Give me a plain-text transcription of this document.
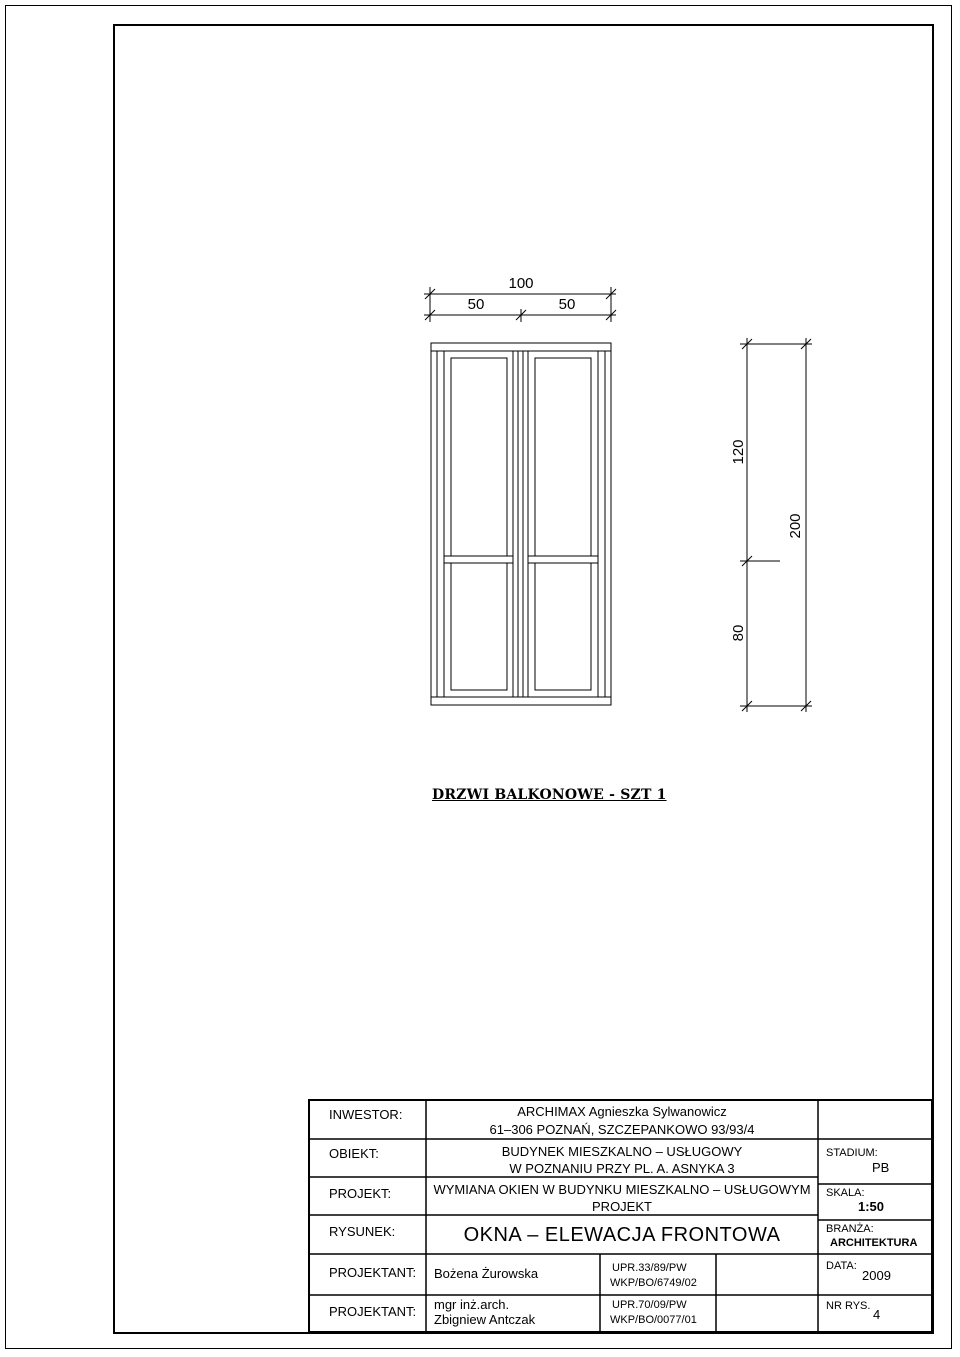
100
50	50
120
200
80
DRZWI BALKONOWE - SZT 1
INWESTOR:
OBIEKT:
PROJEKT:
RYSUNEK:
PROJEKTANT:
PROJEKTANT:
ARCHIMAX Agnieszka Sylwanowicz
61–306 POZNAŃ, SZCZEPANKOWO 93/93/4
BUDYNEK MIESZKALNO – USŁUGOWY
W POZNANIU PRZY PL. A. ASNYKA 3
WYMIANA OKIEN W BUDYNKU MIESZKALNO – USŁUGOWYM
PROJEKT
OKNA – ELEWACJA FRONTOWA
Bożena Żurowska	UPR.33/89/PW
WKP/BO/6749/02
mgr inż.arch.
Zbigniew Antczak
UPR.70/09/PW
WKP/BO/0077/01
STADIUM:
PB
SKALA:
1:50
BRANŻA:
ARCHITEKTURA
DATA:
2009
NR RYS.
4
